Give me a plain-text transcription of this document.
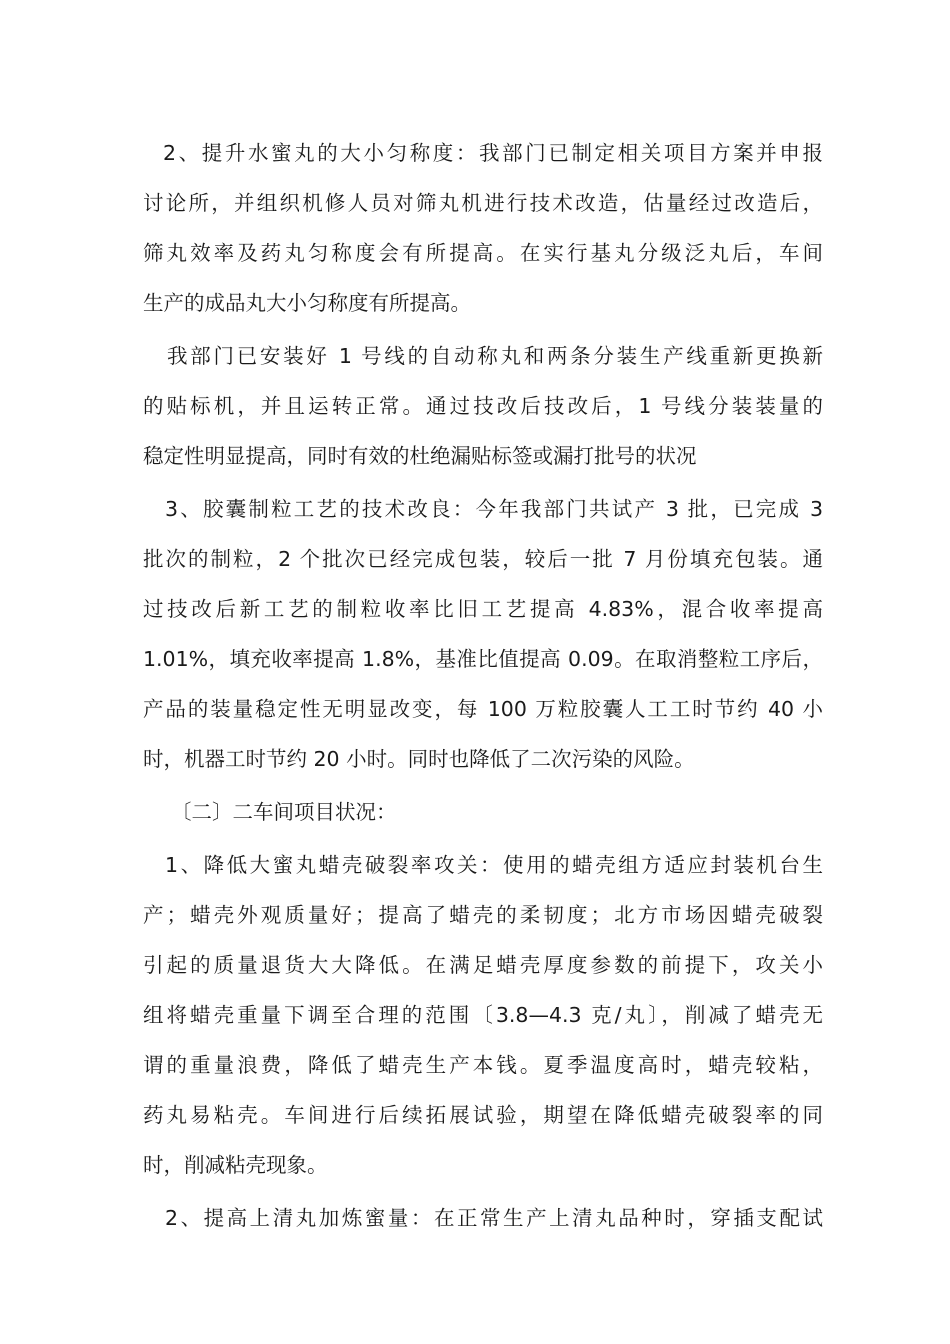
2、提升水蜜丸的大小匀称度：我部门已制定相关项目方案并申报
讨论所，并组织机修人员对筛丸机进行技术改造，估量经过改造后，
筛丸效率及药丸匀称度会有所提高。在实行基丸分级泛丸后，车间
生产的成品丸大小匀称度有所提高。
我部门已安装好 1 号线的自动称丸和两条分装生产线重新更换新
的贴标机，并且运转正常。通过技改后技改后，1 号线分装装量的
稳定性明显提高，同时有效的杜绝漏贴标签或漏打批号的状况
3、胶囊制粒工艺的技术改良：今年我部门共试产 3 批，已完成 3
批次的制粒，2 个批次已经完成包装，较后一批 7 月份填充包装。通
过技改后新工艺的制粒收率比旧工艺提高 4.83%，混合收率提高
1.01%，填充收率提高 1.8%，基准比值提高 0.09。在取消整粒工序后，
产品的装量稳定性无明显改变，每 100 万粒胶囊人工工时节约 40 小
时，机器工时节约 20 小时。同时也降低了二次污染的风险。
〔二〕二车间项目状况：
1、降低大蜜丸蜡壳破裂率攻关：使用的蜡壳组方适应封装机台生
产；蜡壳外观质量好；提高了蜡壳的柔韧度；北方市场因蜡壳破裂
引起的质量退货大大降低。在满足蜡壳厚度参数的前提下，攻关小
组将蜡壳重量下调至合理的范围〔3.8—4.3 克/丸〕，削减了蜡壳无
谓的重量浪费，降低了蜡壳生产本钱。夏季温度高时，蜡壳较粘，
药丸易粘壳。车间进行后续拓展试验，期望在降低蜡壳破裂率的同
时，削减粘壳现象。
2、提高上清丸加炼蜜量：在正常生产上清丸品种时，穿插支配试
